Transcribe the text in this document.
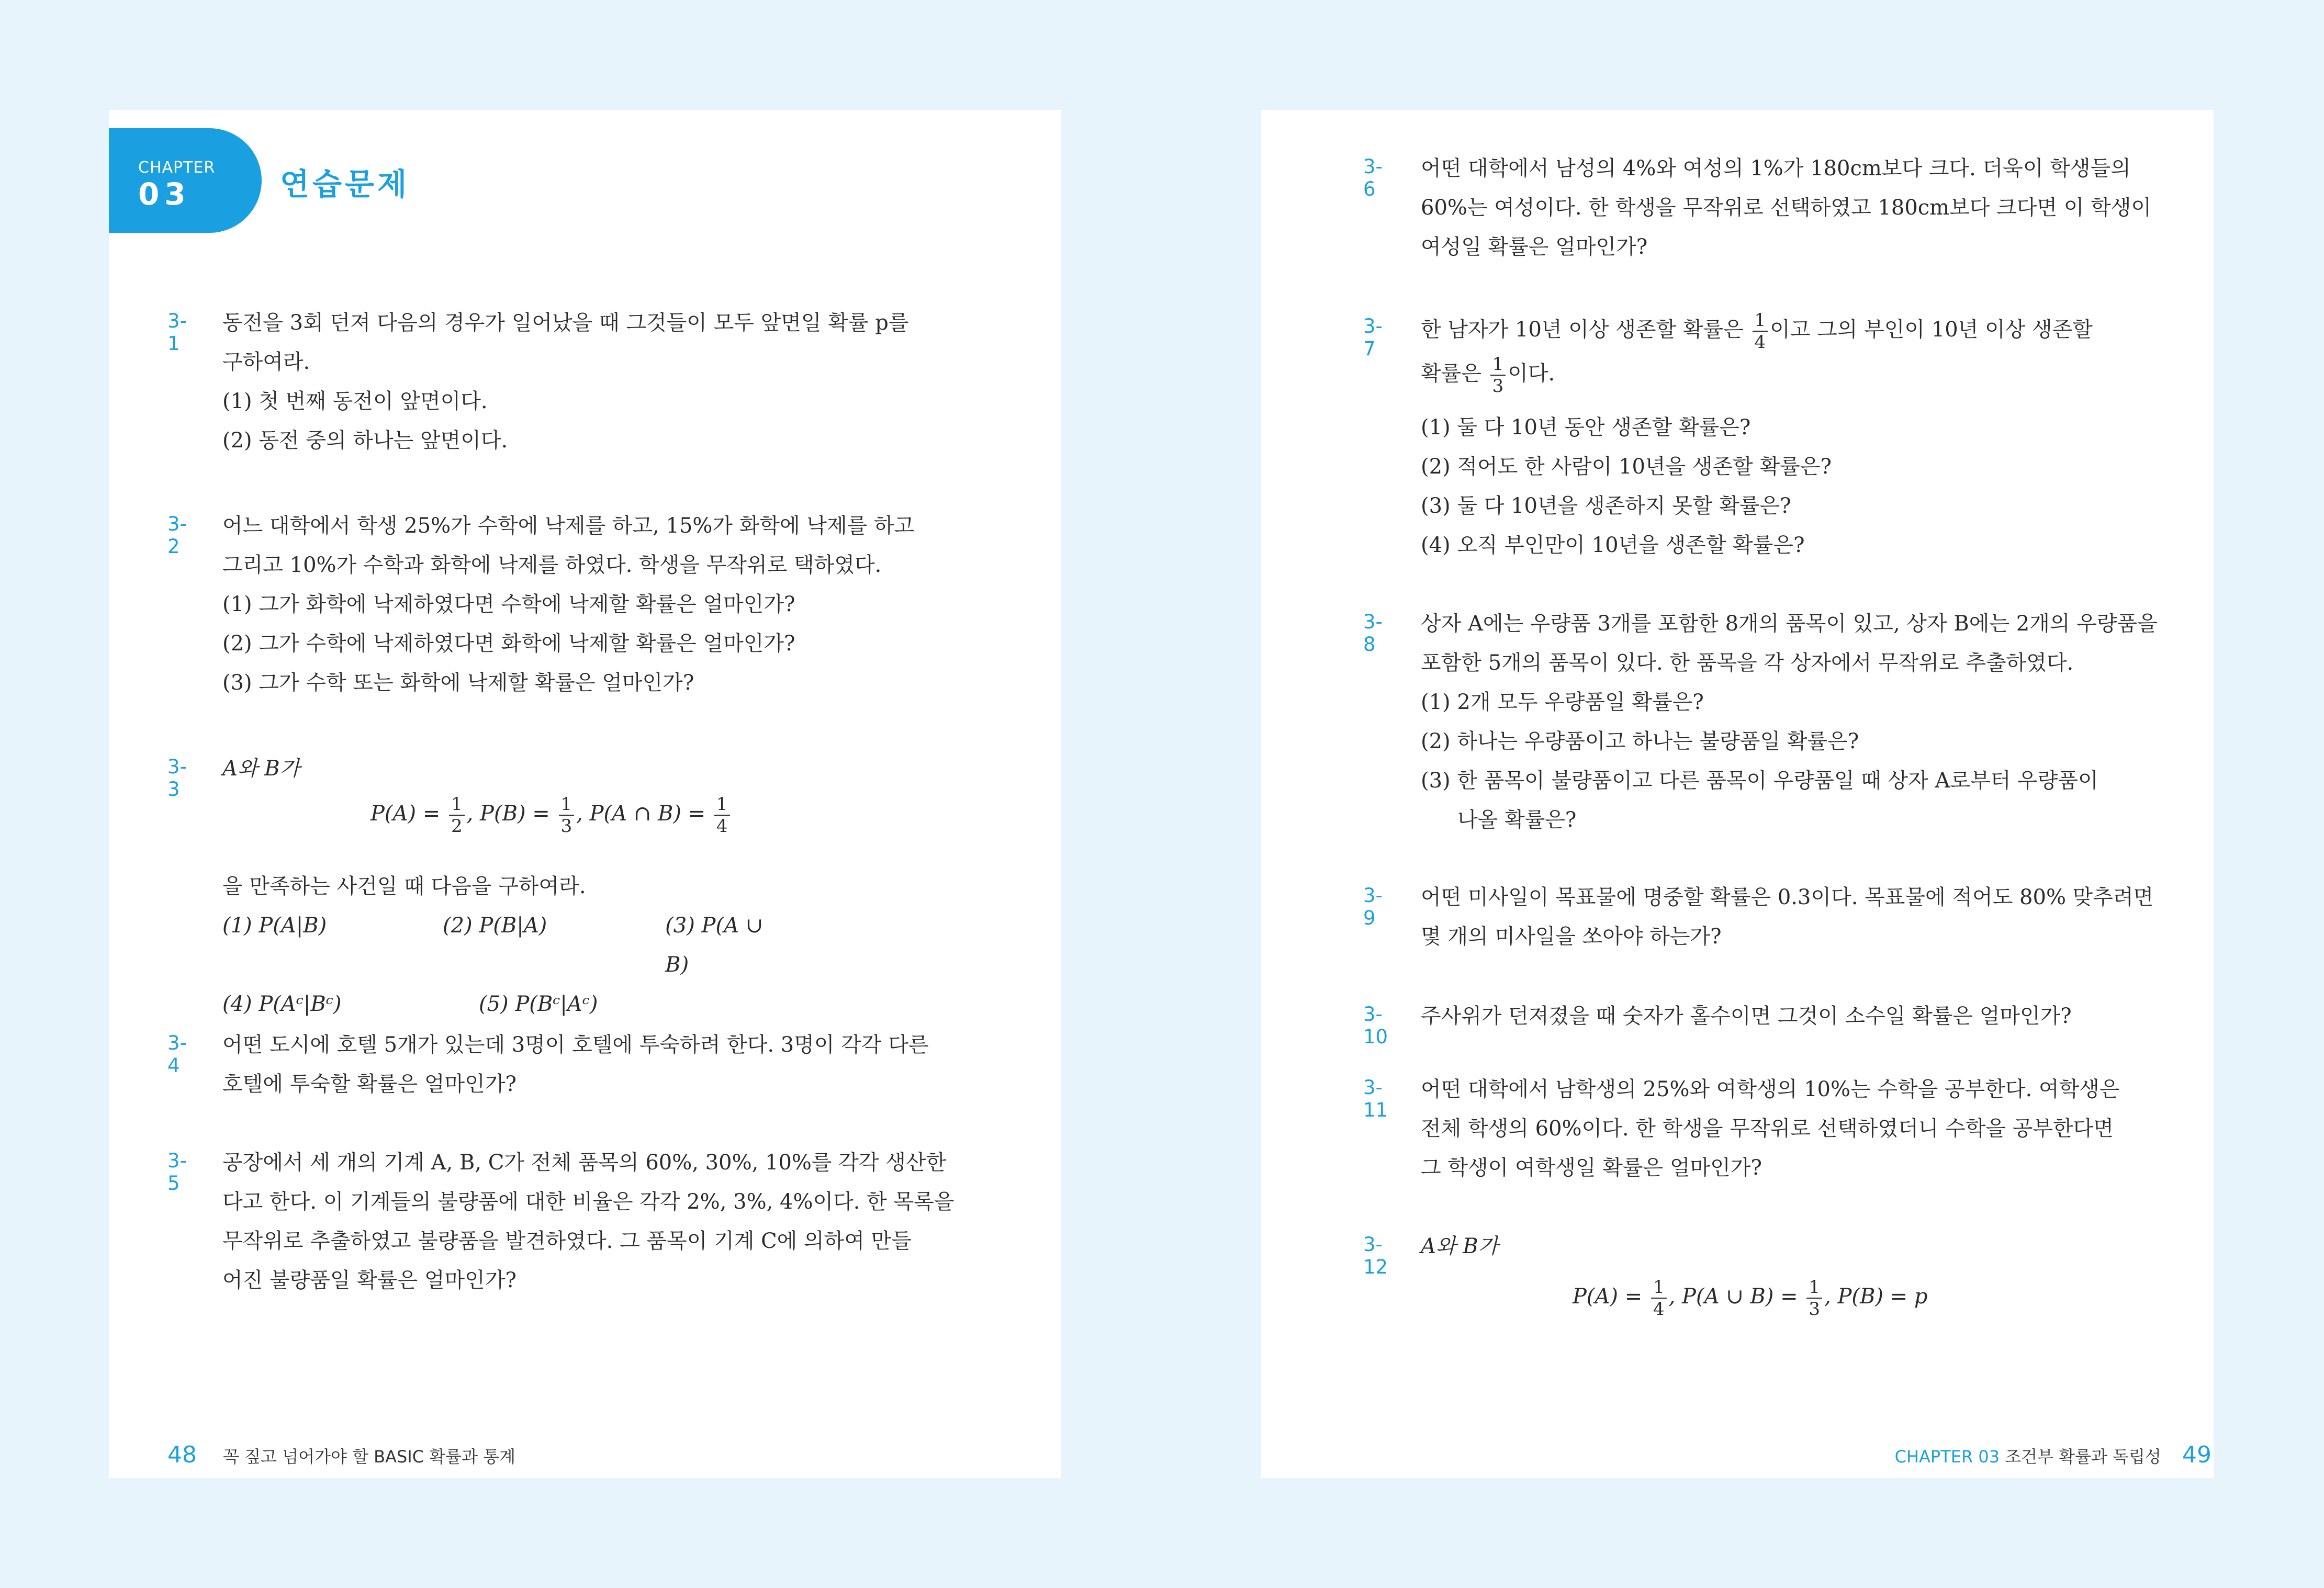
CHAPTER
03	연습문제
3-1

동전을 3회 던져 다음의 경우가 일어났을 때 그것들이 모두 앞면일 확률 p를

구하여라.

(1) 첫 번째 동전이 앞면이다.

(2) 동전 중의 하나는 앞면이다.

3-2

어느 대학에서 학생 25%가 수학에 낙제를 하고, 15%가 화학에 낙제를 하고

그리고 10%가 수학과 화학에 낙제를 하였다. 학생을 무작위로 택하였다.

(1) 그가 화학에 낙제하였다면 수학에 낙제할 확률은 얼마인가?

(2) 그가 수학에 낙제하였다면 화학에 낙제할 확률은 얼마인가?

(3) 그가 수학 또는 화학에 낙제할 확률은 얼마인가?

3-3

A와 B가

$P(A) = \frac{1}{2}$ , $P(B) = \frac{1}{3}$ , P(A ∩ $B) = \frac{1}{4}$

을 만족하는 사건일 때 다음을 구하여라.

(1) P(A|B)	(2) P(B|A)	(3) P(A ∪ B)
(4) P(Aᶜ|Bᶜ)	(5) P(Bᶜ|Aᶜ)
3-4

어떤 도시에 호텔 5개가 있는데 3명이 호텔에 투숙하려 한다. 3명이 각각 다른

호텔에 투숙할 확률은 얼마인가?

3-5

공장에서 세 개의 기계 A, B, C가 전체 품목의 60%, 30%, 10%를 각각 생산한

다고 한다. 이 기계들의 불량품에 대한 비율은 각각 2%, 3%, 4%이다. 한 목록을

무작위로 추출하였고 불량품을 발견하였다. 그 품목이 기계 C에 의하여 만들

어진 불량품일 확률은 얼마인가?

48 꼭 짚고 넘어가야 할 BASIC 확률과 통계
3-6

어떤 대학에서 남성의 4%와 여성의 1%가 180cm보다 크다. 더욱이 학생들의

60%는 여성이다. 한 학생을 무작위로 선택하였고 180cm보다 크다면 이 학생이

여성일 확률은 얼마인가?

3-7

한 남자가 10년 이상 생존할 확률은 $\frac{1}{4}$ 이고 그의 부인이 10년 이상 생존할

확률은 $\frac{1}{3}$ 이다.

(1) 둘 다 10년 동안 생존할 확률은?

(2) 적어도 한 사람이 10년을 생존할 확률은?

(3) 둘 다 10년을 생존하지 못할 확률은?

(4) 오직 부인만이 10년을 생존할 확률은?

3-8

상자 A에는 우량품 3개를 포함한 8개의 품목이 있고, 상자 B에는 2개의 우량품을

포함한 5개의 품목이 있다. 한 품목을 각 상자에서 무작위로 추출하였다.

(1) 2개 모두 우량품일 확률은?

(2) 하나는 우량품이고 하나는 불량품일 확률은?

(3) 한 품목이 불량품이고 다른 품목이 우량품일 때 상자 A로부터 우량품이

나올 확률은?

3-9

어떤 미사일이 목표물에 명중할 확률은 0.3이다. 목표물에 적어도 80% 맞추려면

몇 개의 미사일을 쏘아야 하는가?

3-10

주사위가 던져졌을 때 숫자가 홀수이면 그것이 소수일 확률은 얼마인가?

3-11

어떤 대학에서 남학생의 25%와 여학생의 10%는 수학을 공부한다. 여학생은

전체 학생의 60%이다. 한 학생을 무작위로 선택하였더니 수학을 공부한다면

그 학생이 여학생일 확률은 얼마인가?

3-12

A와 B가

$P(A) = \frac{1}{4}$ , P(A ∪ $B) = \frac{1}{3}$ , P(B) = p
CHAPTER 03 조건부 확률과 독립성 49
